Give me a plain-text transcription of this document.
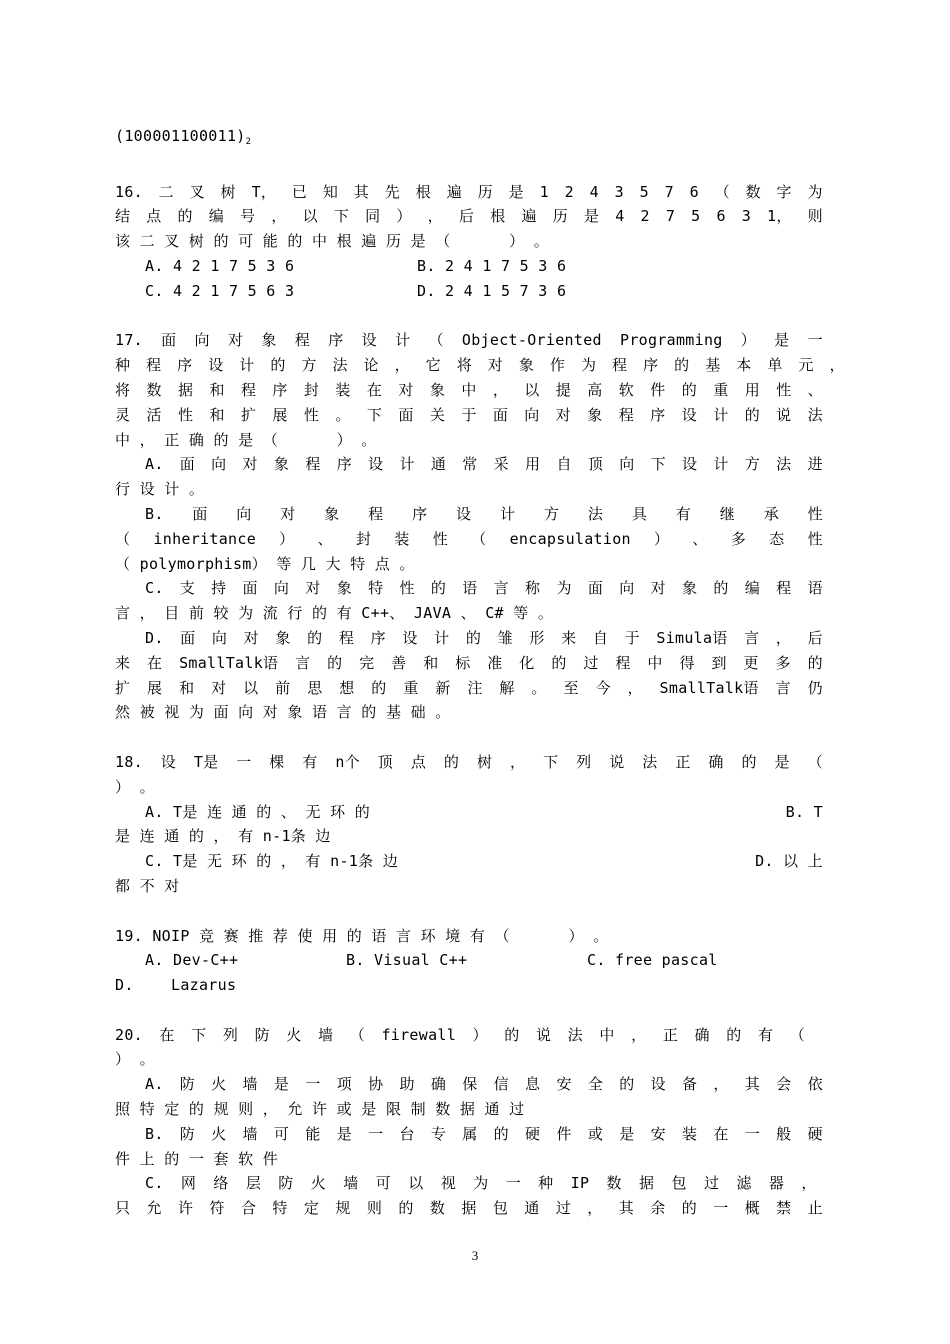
$(100001100011)_2$
16. 二 叉 树 T， 已 知 其 先 根 遍 历 是 1 2 4 3 5 7 6 （ 数 字 为
结 点 的 编 号 ， 以 下 同 ） ， 后 根 遍 历 是 4 2 7 5 6 3 1， 则
该 二 叉 树 的 可 能 的 中 根 遍 历 是 （ 　 　 ） 。
A. 4 2 1 7 5 3 6	B. 2 4 1 7 5 3 6
C. 4 2 1 7 5 6 3	D. 2 4 1 5 7 3 6
17. 面 向 对 象 程 序 设 计 （ Object-Oriented Programming ） 是 一
种 程 序 设 计 的 方 法 论 ， 它 将 对 象 作 为 程 序 的 基 本 单 元 ，
将 数 据 和 程 序 封 装 在 对 象 中 ， 以 提 高 软 件 的 重 用 性 、
灵 活 性 和 扩 展 性 。 下 面 关 于 面 向 对 象 程 序 设 计 的 说 法
中 ， 正 确 的 是 （ 　 　 ） 。
A. 面 向 对 象 程 序 设 计 通 常 采 用 自 顶 向 下 设 计 方 法 进
行 设 计 。
B. 面 向 对 象 程 序 设 计 方 法 具 有 继 承 性
（ inheritance ） 、 封 装 性 （ encapsulation ） 、 多 态 性
（ polymorphism） 等 几 大 特 点 。
C. 支 持 面 向 对 象 特 性 的 语 言 称 为 面 向 对 象 的 编 程 语
言 ， 目 前 较 为 流 行 的 有 C++、 JAVA 、 C# 等 。
D. 面 向 对 象 的 程 序 设 计 的 雏 形 来 自 于 Simula语 言 ， 后
来 在 SmallTalk语 言 的 完 善 和 标 准 化 的 过 程 中 得 到 更 多 的
扩 展 和 对 以 前 思 想 的 重 新 注 解 。 至 今 ， SmallTalk语 言 仍
然 被 视 为 面 向 对 象 语 言 的 基 础 。
18. 设 T是 一 棵 有 n个 顶 点 的 树 ， 下 列 说 法 正 确 的 是 （
） 。
A. T是 连 通 的 、 无 环 的	B. T
是 连 通 的 ， 有 n-1条 边
C. T是 无 环 的 ， 有 n-1条 边	D. 以 上
都 不 对
19. NOIP 竞 赛 推 荐 使 用 的 语 言 环 境 有 （ 　 　 ） 。
A. Dev-C++	B. Visual C++	C. free pascal
D.    Lazarus
20. 在 下 列 防 火 墙 （ firewall ） 的 说 法 中 ， 正 确 的 有 （
） 。
A. 防 火 墙 是 一 项 协 助 确 保 信 息 安 全 的 设 备 ， 其 会 依
照 特 定 的 规 则 ， 允 许 或 是 限 制 数 据 通 过
B. 防 火 墙 可 能 是 一 台 专 属 的 硬 件 或 是 安 装 在 一 般 硬
件 上 的 一 套 软 件
C. 网 络 层 防 火 墙 可 以 视 为 一 种 IP 数 据 包 过 滤 器 ，
只 允 许 符 合 特 定 规 则 的 数 据 包 通 过 ， 其 余 的 一 概 禁 止
3
